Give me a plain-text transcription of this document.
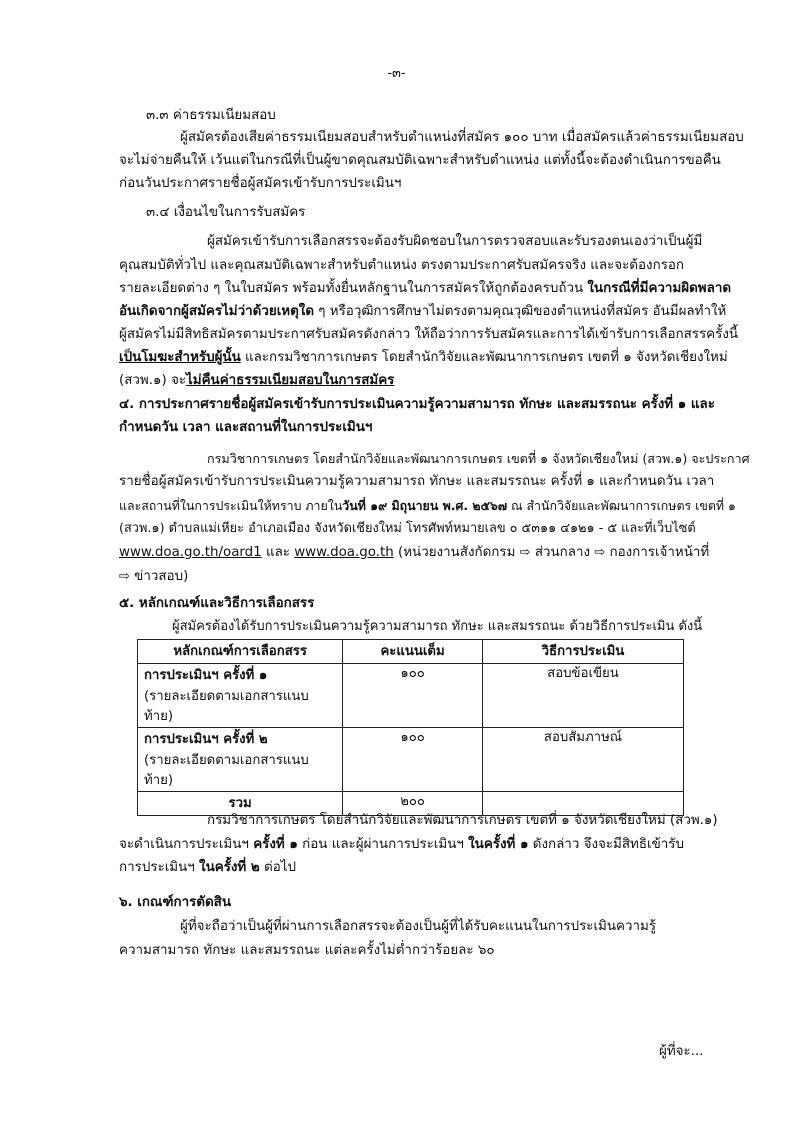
-๓-
๓.๓ ค่าธรรมเนียมสอบ
ผู้สมัครต้องเสียค่าธรรมเนียมสอบสำหรับตำแหน่งที่สมัคร ๑๐๐ บาท เมื่อสมัครแล้วค่าธรรมเนียมสอบ
จะไม่จ่ายคืนให้ เว้นแต่ในกรณีที่เป็นผู้ขาดคุณสมบัติเฉพาะสำหรับตำแหน่ง แต่ทั้งนี้จะต้องดำเนินการขอคืน
ก่อนวันประกาศรายชื่อผู้สมัครเข้ารับการประเมินฯ
๓.๔ เงื่อนไขในการรับสมัคร
ผู้สมัครเข้ารับการเลือกสรรจะต้องรับผิดชอบในการตรวจสอบและรับรองตนเองว่าเป็นผู้มี
คุณสมบัติทั่วไป และคุณสมบัติเฉพาะสำหรับตำแหน่ง ตรงตามประกาศรับสมัครจริง และจะต้องกรอก
รายละเอียดต่าง ๆ ในใบสมัคร พร้อมทั้งยื่นหลักฐานในการสมัครให้ถูกต้องครบถ้วน ในกรณีที่มีความผิดพลาด
อันเกิดจากผู้สมัครไม่ว่าด้วยเหตุใด ๆ หรือวุฒิการศึกษาไม่ตรงตามคุณวุฒิของตำแหน่งที่สมัคร อันมีผลทำให้
ผู้สมัครไม่มีสิทธิสมัครตามประกาศรับสมัครดังกล่าว ให้ถือว่าการรับสมัครและการได้เข้ารับการเลือกสรรครั้งนี้
เป็นโมฆะสำหรับผู้นั้น และกรมวิชาการเกษตร โดยสำนักวิจัยและพัฒนาการเกษตร เขตที่ ๑ จังหวัดเชียงใหม่
(สวพ.๑) จะไม่คืนค่าธรรมเนียมสอบในการสมัคร
๔. การประกาศรายชื่อผู้สมัครเข้ารับการประเมินความรู้ความสามารถ ทักษะ และสมรรถนะ ครั้งที่ ๑ และ
กำหนดวัน เวลา และสถานที่ในการประเมินฯ
กรมวิชาการเกษตร โดยสำนักวิจัยและพัฒนาการเกษตร เขตที่ ๑ จังหวัดเชียงใหม่ (สวพ.๑) จะประกาศ
รายชื่อผู้สมัครเข้ารับการประเมินความรู้ความสามารถ ทักษะ และสมรรถนะ ครั้งที่ ๑ และกำหนดวัน เวลา
และสถานที่ในการประเมินให้ทราบ ภายในวันที่ ๑๙ มิถุนายน พ.ศ. ๒๕๖๗ ณ สำนักวิจัยและพัฒนาการเกษตร เขตที่ ๑
(สวพ.๑) ตำบลแม่เหียะ อำเภอเมือง จังหวัดเชียงใหม่ โทรศัพท์หมายเลข ๐ ๕๓๑๑ ๔๑๒๑ - ๕ และที่เว็บไซต์
www.doa.go.th/oard1 และ www.doa.go.th (หน่วยงานสังกัดกรม ⇨ ส่วนกลาง ⇨ กองการเจ้าหน้าที่
⇨ ข่าวสอบ)
๕. หลักเกณฑ์และวิธีการเลือกสรร
ผู้สมัครต้องได้รับการประเมินความรู้ความสามารถ ทักษะ และสมรรถนะ ด้วยวิธีการประเมิน ดังนี้
หลักเกณฑ์การเลือกสรร	คะแนนเต็ม	วิธีการประเมิน
การประเมินฯ ครั้งที่ ๑	๑๐๐	สอบข้อเขียน
(รายละเอียดตามเอกสารแนบท้าย)		
การประเมินฯ ครั้งที่ ๒	๑๐๐	สอบสัมภาษณ์
(รายละเอียดตามเอกสารแนบท้าย)		
รวม	๒๐๐	
กรมวิชาการเกษตร โดยสำนักวิจัยและพัฒนาการเกษตร เขตที่ ๑ จังหวัดเชียงใหม่ (สวพ.๑)
จะดำเนินการประเมินฯ ครั้งที่ ๑ ก่อน และผู้ผ่านการประเมินฯ ในครั้งที่ ๑ ดังกล่าว จึงจะมีสิทธิเข้ารับ
การประเมินฯ ในครั้งที่ ๒ ต่อไป
๖. เกณฑ์การตัดสิน
ผู้ที่จะถือว่าเป็นผู้ที่ผ่านการเลือกสรรจะต้องเป็นผู้ที่ได้รับคะแนนในการประเมินความรู้
ความสามารถ ทักษะ และสมรรถนะ แต่ละครั้งไม่ต่ำกว่าร้อยละ ๖๐
ผู้ที่จะ...
